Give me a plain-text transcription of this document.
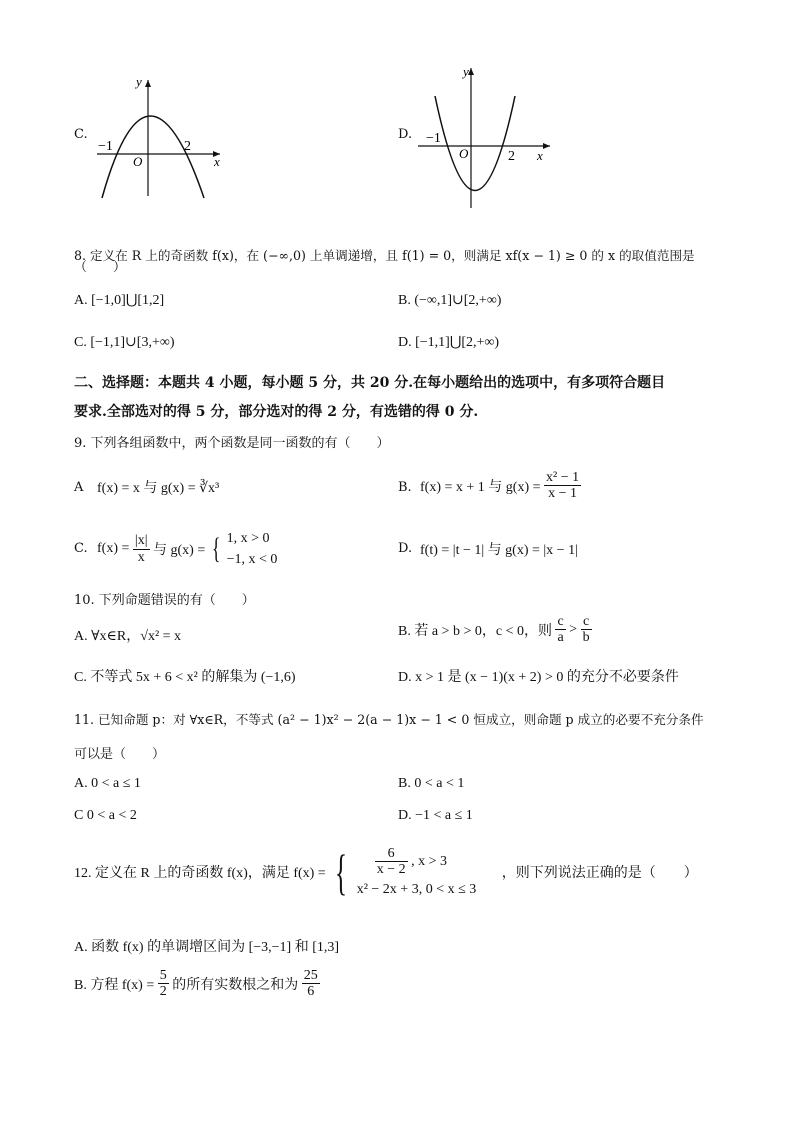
C.
y
x
−1	2
O
D.
y
x
−1
2
O
8. 定义在 R 上的奇函数 f(x)，在 (−∞,0) 上单调递增，且 f(1) = 0，则满足 xf(x − 1) ≥ 0 的 x 的取值范围是
（　　）
A. [−1,0]⋃[1,2]	B. (−∞,1]∪[2,+∞)
C. [−1,1]∪[3,+∞)	D. [−1,1]⋃[2,+∞)
二、选择题：本题共 4 小题，每小题 5 分，共 20 分.在每小题给出的选项中，有多项符合题目
要求.全部选对的得 5 分，部分选对的得 2 分，有选错的得 0 分.
9. 下列各组函数中，两个函数是同一函数的有（　　）
A f(x) = x 与 g(x) = ∛x³	B. f(x) = x + 1 与 $g(x) = \frac{\text{x² − 1}}{x - 1}$
C. $f(x) = \frac{|x|}{x}$ 与 g(x) = { 1, x > 0
−1, x < 0
D. f(t) = |t − 1| 与 g(x) = |x − 1|
10. 下列命题错误的有（　　）
A. ∀x∈R，√x² = x	B. 若 a > b > 0，c < 0，则 $\frac{c}{a} > \frac{c}{b}$
C. 不等式 5x + 6 < x² 的解集为 (−1,6)	D. x > 1 是 (x − 1)(x + 2) > 0 的充分不必要条件
11. 已知命题 p：对 ∀x∈R，不等式 (a² − 1)x² − 2(a − 1)x − 1 < 0 恒成立，则命题 p 成立的必要不充分条件
可以是（　　）
A. 0 < a ≤ 1	B. 0 < a < 1
C 0 < a < 2	D. −1 < a ≤ 1
12. 定义在 R 上的奇函数 f(x)，满足 f(x) = { $\frac{6}{x - 2}$ , x > 3
x² − 2x + 3, 0 < x ≤ 3
，则下列说法正确的是（　　）
A. 函数 f(x) 的单调增区间为 [−3,−1] 和 [1,3]
B. 方程 $f(x) = \frac{5}{2}$ 的所有实数根之和为 $\frac{25}{6}$
